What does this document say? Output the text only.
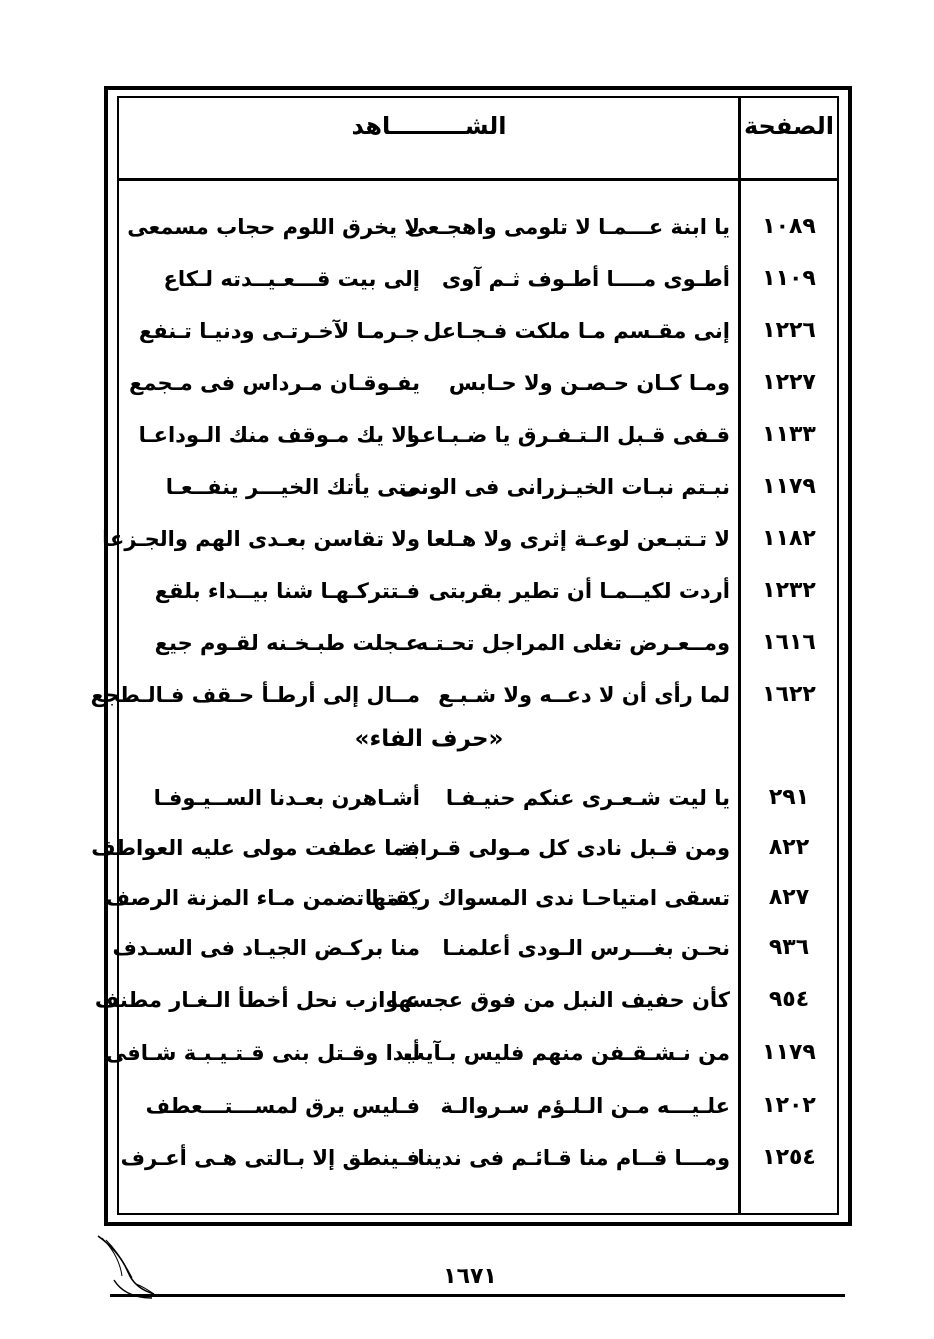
الصفحة
الشـــــــــاهد
١٠٨٩
يا ابنة عـــمـا لا تلومى واهجـعى
لا يخرق اللوم حجاب مسمعى
١١٠٩
أطـوى مــــا أطـوف ثـم آوى
إلى بيت قـــعـيــدته لـكاع
١٢٢٦
إنى مقـسم مـا ملكت فـجـاعل
جـرمـا لآخـرتـى ودنيـا تـنفع
١٢٢٧
ومـا كـان حـصـن ولا حـابس
يفـوقـان مـرداس فى مـجمع
١١٣٣
قـفى قـبل الـتـفـرق يا ضـبـاعـا
ولا يك مـوقف منك الـوداعـا
١١٧٩
نبـتم نبـات الخيـزرانى فى الونى
متى يأتك الخيـــر ينفــعـا
١١٨٢
لا تـتبـعن لوعـة إثرى ولا هـلعا
ولا تقاسن بعـدى الهم والجـزعا
١٢٣٢
أردت لكيــمـا أن تطير بقربتى
فـتتركـهـا شنا بيــداء بلقع
١٦١٦
ومــعـرض تغلى المراجل تحـتـه
عـجلت طبـخـنه لقـوم جيع
١٦٢٢
لما رأى أن لا دعــه ولا شـبـع
مــال إلى أرطـأ حـقف فـالـطجع
«حرف الفاء»
٢٩١
يا ليت شـعـرى عنكم حنيـفـا
أشـاهرن بعـدنا الســيـوفـا
٨٢٢
ومن قـبل نادى كل مـولى قـرابة
فما عطفت مولى عليه العواطف
٨٢٧
تسقى امتياحـا ندى المسواك ريقتها
كـمـا تضمن مـاء المزنة الرصف
٩٣٦
نحـن بغـــرس الـودى أعلمنـا
منا بركـض الجيـاد فى السـدف
٩٥٤
كأن حفيف النبل من فوق عجسها
عـوازب نحل أخطأ الـغـار مطنف
١١٧٩
من نـشـقـفن منهم فليس بـآيب
أبدا وقـتل بنى قـتـيـبـة شـافى
١٢٠٢
علـيـــه مـن الـلـؤم سـروالـة
فـليس يرق لمســـتـــعطف
١٢٥٤
ومـــا قــام منا قـائـم فى ندينا
فـينطق إلا بـالتى هـى أعـرف
١٦٧١
